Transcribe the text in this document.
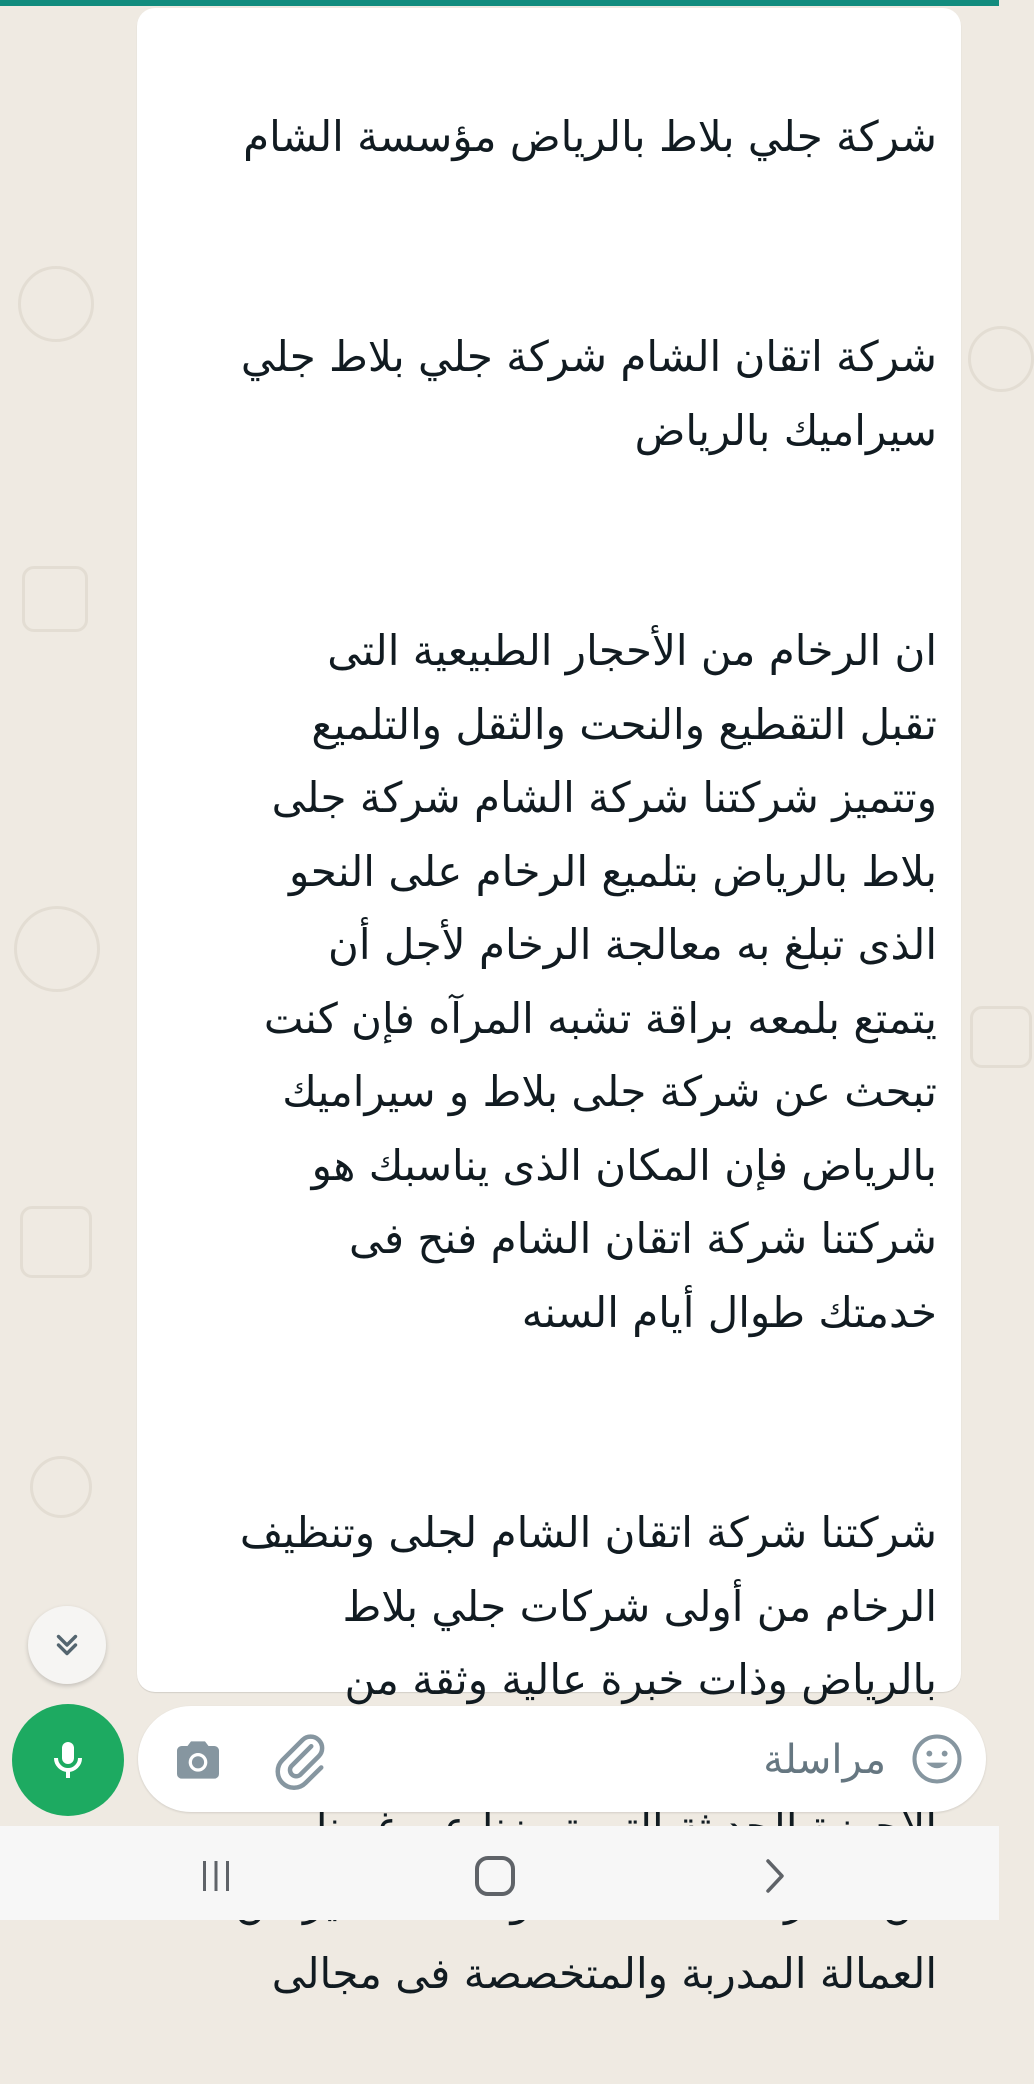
شركة جلي بلاط بالرياض مؤسسة الشام

شركة اتقان الشام شركة جلي بلاط جلي
سيراميك بالرياض

ان الرخام من الأحجار الطبيعية التى
تقبل التقطيع والنحت والثقل والتلميع
وتتميز شركتنا شركة الشام شركة جلى
بلاط بالرياض بتلميع الرخام على النحو
الذى تبلغ به معالجة الرخام لأجل أن
يتمتع بلمعه براقة تشبه المرآه فإن كنت
تبحث عن شركة جلى بلاط و سيراميك
بالرياض فإن المكان الذى يناسبك هو
شركتنا شركة اتقان الشام فنح فى
خدمتك طوال أيام السنه

شركتنا شركة اتقان الشام لجلى وتنظيف
الرخام من أولى شركات جلي بلاط
بالرياض وذات خبرة عالية وثقة من

العمالة المدربة والمتخصصة فى مجالى

مراسلة
